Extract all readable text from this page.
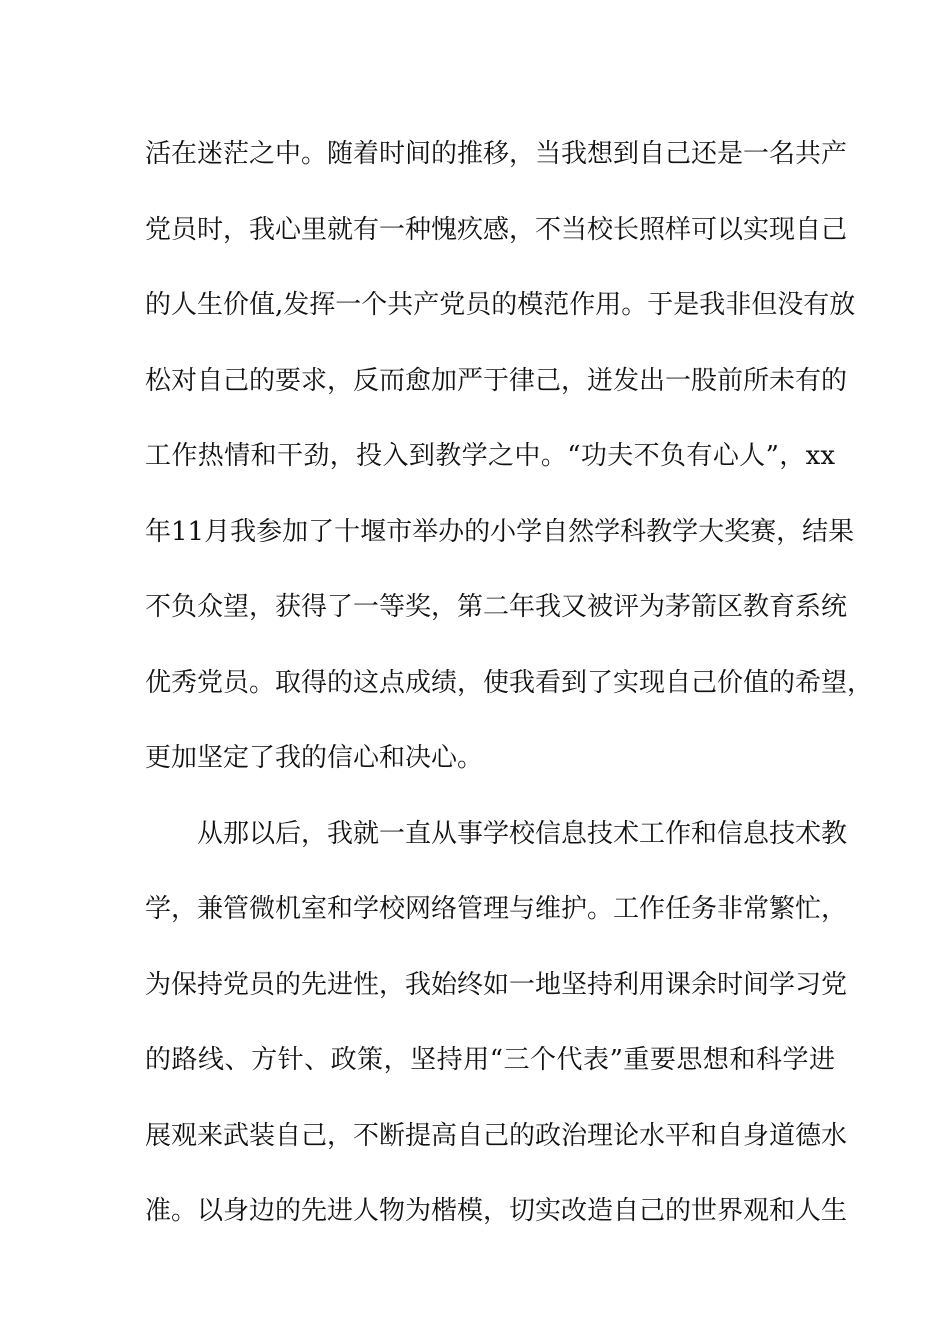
活在迷茫之中。随着时间的推移，当我想到自己还是一名共产
党员时，我心里就有一种愧疚感，不当校长照样可以实现自己
的人生价值,发挥一个共产党员的模范作用。于是我非但没有放
松对自己的要求，反而愈加严于律己，迸发出一股前所未有的
工作热情和干劲，投入到教学之中。“功夫不负有心人”，xx
年11月我参加了十堰市举办的小学自然学科教学大奖赛，结果
不负众望，获得了一等奖，第二年我又被评为茅箭区教育系统
优秀党员。取得的这点成绩，使我看到了实现自己价值的希望，
更加坚定了我的信心和决心。
从那以后，我就一直从事学校信息技术工作和信息技术教
学，兼管微机室和学校网络管理与维护。工作任务非常繁忙，
为保持党员的先进性，我始终如一地坚持利用课余时间学习党
的路线、方针、政策，坚持用“三个代表”重要思想和科学进
展观来武装自己，不断提高自己的政治理论水平和自身道德水
准。以身边的先进人物为楷模，切实改造自己的世界观和人生
